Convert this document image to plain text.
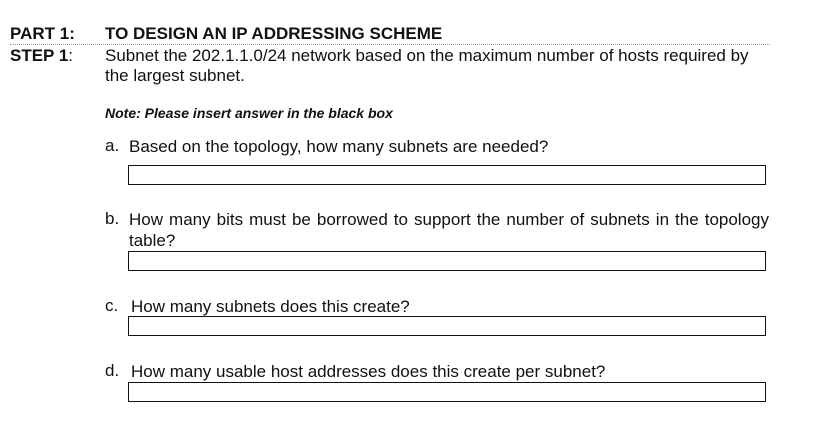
PART 1: TO DESIGN AN IP ADDRESSING SCHEME
STEP 1: Subnet the 202.1.1.0/24 network based on the maximum number of hosts required by the largest subnet.
Note: Please insert answer in the black box
a. Based on the topology, how many subnets are needed?
b. How many bits must be borrowed to support the number of subnets in the topology table?
c. How many subnets does this create?
d. How many usable host addresses does this create per subnet?
